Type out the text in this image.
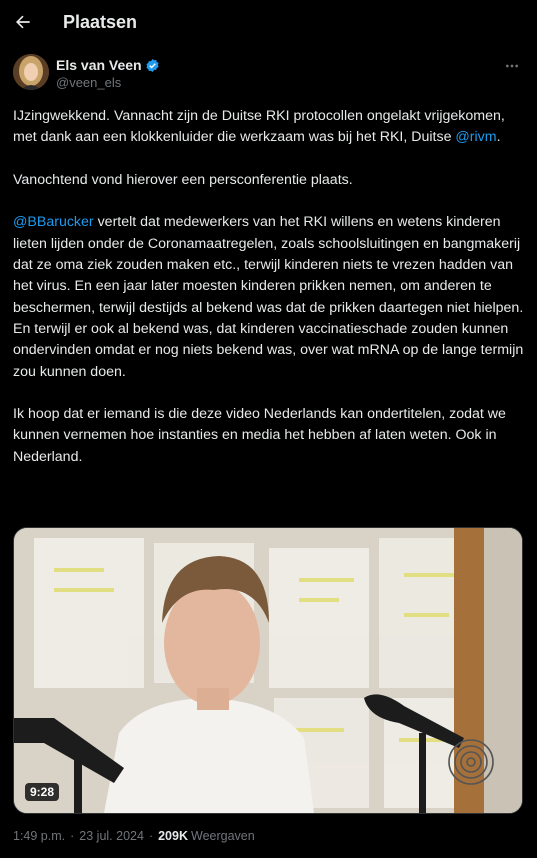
Plaatsen
Els van Veen
@veen_els

IJzingwekkend. Vannacht zijn de Duitse RKI protocollen ongelakt vrijgekomen, met dank aan een klokkenluider die werkzaam was bij het RKI, Duitse @rivm.

Vanochtend vond hierover een persconferentie plaats.

@BBarucker vertelt dat medewerkers van het RKI willens en wetens kinderen lieten lijden onder de Coronamaatregelen, zoals schoolsluitingen en bangmakerij dat ze oma ziek zouden maken etc., terwijl kinderen niets te vrezen hadden van het virus. En een jaar later moesten kinderen prikken nemen, om anderen te beschermen, terwijl destijds al bekend was dat de prikken daartegen niet hielpen. En terwijl er ook al bekend was, dat kinderen vaccinatieschade zouden kunnen ondervinden omdat er nog niets bekend was, over wat mRNA op de lange termijn zou kunnen doen.

Ik hoop dat er iemand is die deze video Nederlands kan ondertitelen, zodat we kunnen vernemen hoe instanties en media het hebben af laten weten. Ook in Nederland.

9:28
1:49 p.m. · 23 jul. 2024 · 209K Weergaven
